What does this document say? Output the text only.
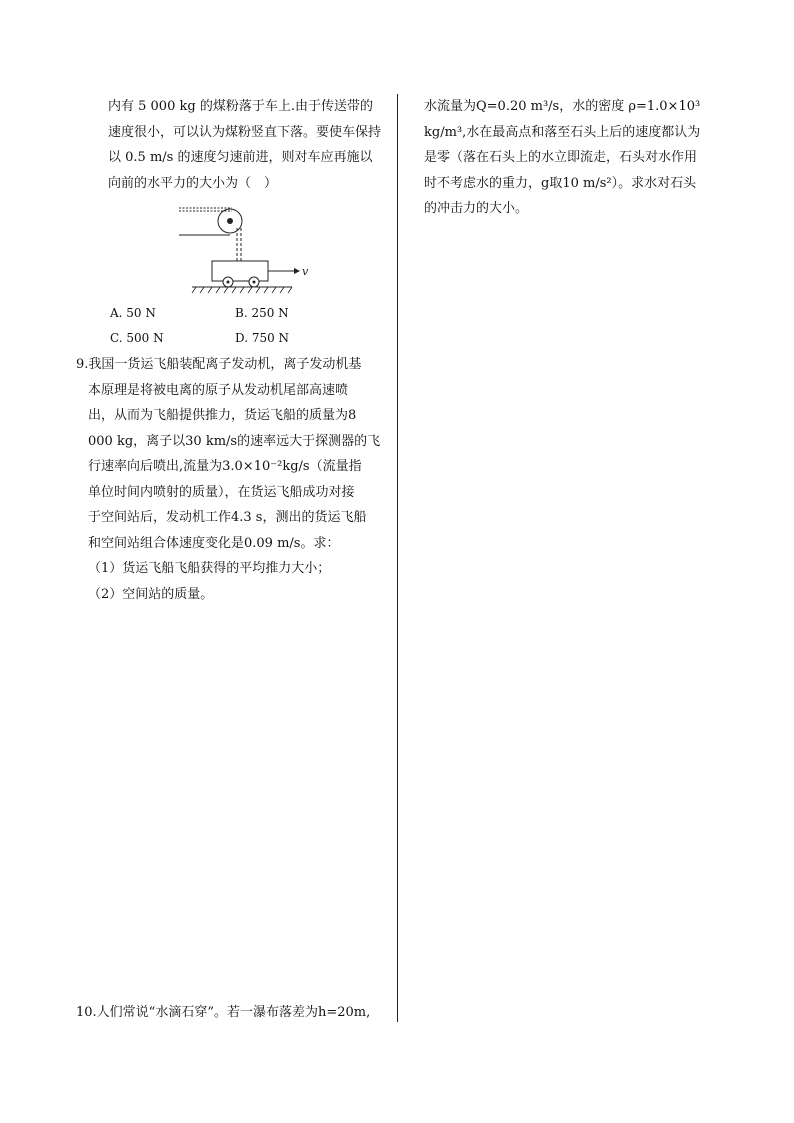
内有 5 000 kg 的煤粉落于车上.由于传送带的
速度很小，可以认为煤粉竖直下落。要使车保持
以 0.5 m/s 的速度匀速前进，则对车应再施以
向前的水平力的大小为（　）
v
A. 50 N	B. 250 N
C. 500 N	D. 750 N
9.我国一货运飞船装配离子发动机，离子发动机基
本原理是将被电离的原子从发动机尾部高速喷
出，从而为飞船提供推力，货运飞船的质量为8
000 kg，离子以30 km/s的速率远大于探测器的飞
行速率向后喷出,流量为3.0×10⁻²kg/s（流量指
单位时间内喷射的质量），在货运飞船成功对接
于空间站后，发动机工作4.3 s，测出的货运飞船
和空间站组合体速度变化是0.09 m/s。求：
（1）货运飞船飞船获得的平均推力大小；
（2）空间站的质量。
10.人们常说“水滴石穿”。若一瀑布落差为h=20m,
水流量为Q=0.20 m³/s，水的密度 ρ=1.0×10³
kg/m³,水在最高点和落至石头上后的速度都认为
是零（落在石头上的水立即流走，石头对水作用
时不考虑水的重力，g取10 m/s²）。求水对石头
的冲击力的大小。
